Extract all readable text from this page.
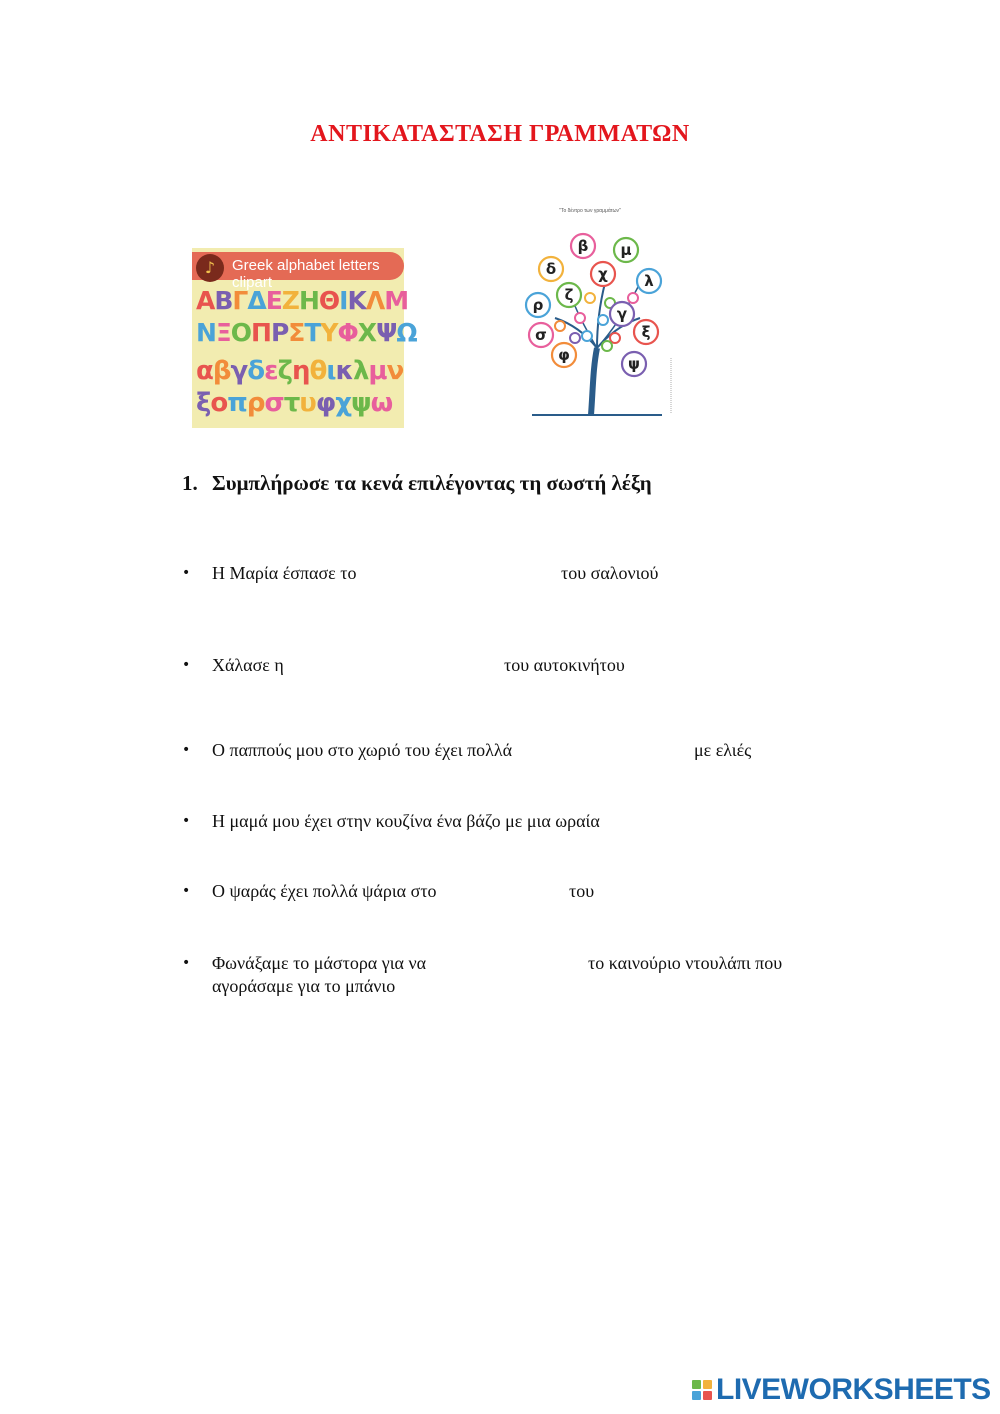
ΑΝΤΙΚΑΤΑΣΤΑΣΗ ΓΡΑΜΜΑΤΩΝ
♪	Greek alphabet letters clipart
ΑΒΓΔΕΖΗΘΙΚΛΜ
ΝΞΟΠΡΣΤΥΦΧΨΩ
αβγδεζηθικλμν
ξοπρστυφχψω
"Το δέντρο των γραμμάτων"
β μ
δ	χ λ
ρ
ζ
γ
σ	ξ
φ	ψ
1. Συμπλήρωσε τα κενά επιλέγοντας τη σωστή λέξη
• Η Μαρία έσπασε το	του σαλονιού
• Χάλασε η	του αυτοκινήτου
• Ο παππούς μου στο χωριό του έχει πολλά	με ελιές
• Η μαμά μου έχει στην κουζίνα ένα βάζο με μια ωραία
• Ο ψαράς έχει πολλά ψάρια στο	του
• Φωνάξαμε το μάστορα για να	το καινούριο ντουλάπι που
αγοράσαμε για το μπάνιο
LIVEWORKSHEETS
